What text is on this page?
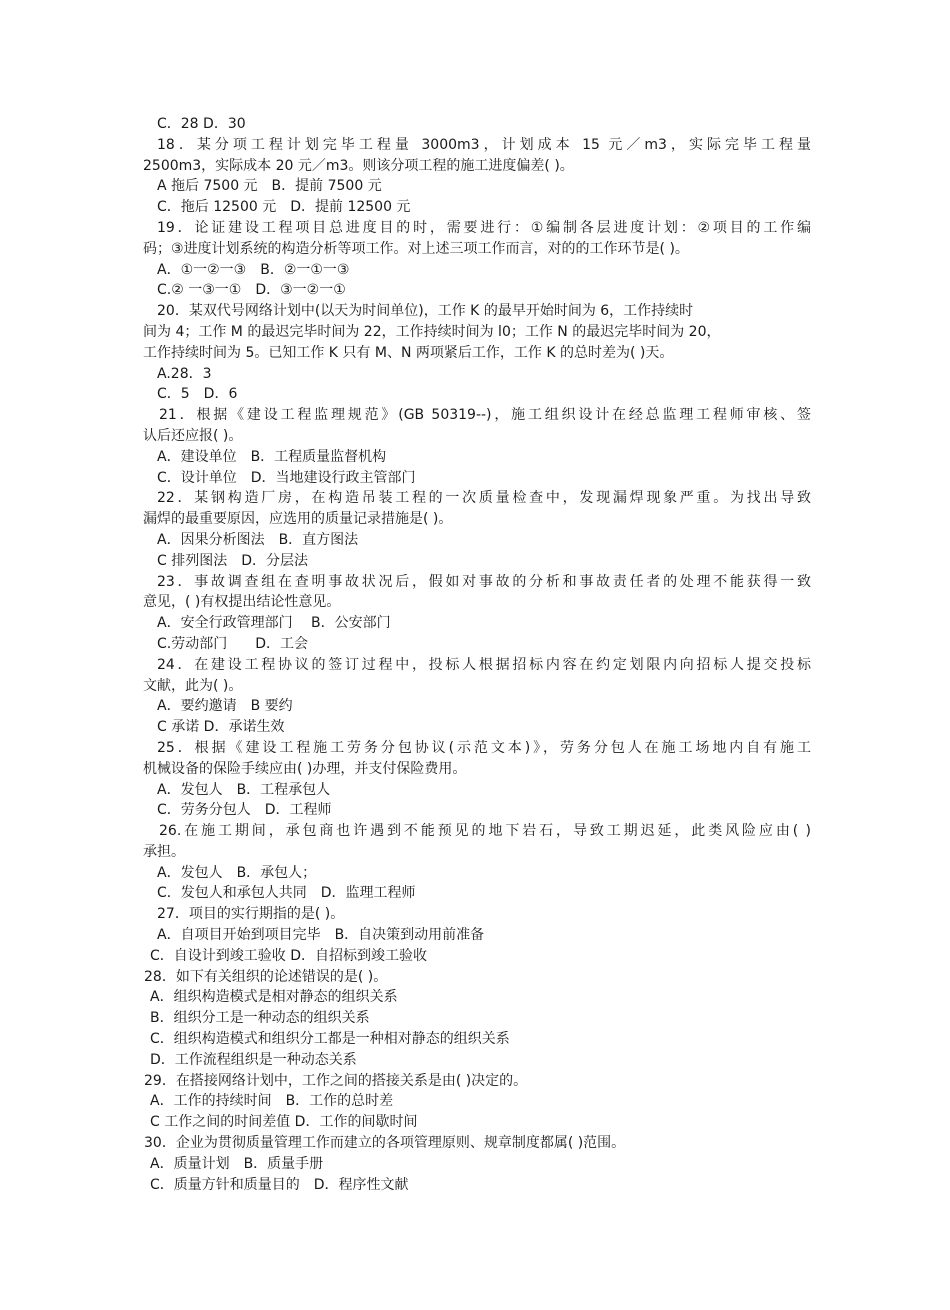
C．28 D．30
18．某分项工程计划完毕工程量 3000m3，计划成本 15 元／m3，实际完毕工程量
2500m3，实际成本 20 元／m3。则该分项工程的施工进度偏差( )。
A 拖后 7500 元　B．提前 7500 元
C．拖后 12500 元　D．提前 12500 元
19．论证建设工程项目总进度目的时，需要进行：①编制各层进度计划：②项目的工作编
码；③进度计划系统的构造分析等项工作。对上述三项工作而言，对的的工作环节是( )。
A．①一②一③　B．②一①一③
C.② 一③一①　D．③一②一①
20．某双代号网络计划中(以天为时间单位)，工作 K 的最早开始时间为 6，工作持续时
间为 4；工作 M 的最迟完毕时间为 22，工作持续时间为 l0；工作 N 的最迟完毕时间为 20，
工作持续时间为 5。已知工作 K 只有 M、N 两项紧后工作，工作 K 的总时差为( )天。
A.28．3
C．5　D．6
21．根据《建设工程监理规范》(GB 50319--)，施工组织设计在经总监理工程师审核、签
认后还应报( )。
A．建设单位　B．工程质量监督机构
C．设计单位　D．当地建设行政主管部门
22．某钢构造厂房，在构造吊装工程的一次质量检查中，发现漏焊现象严重。为找出导致
漏焊的最重要原因，应选用的质量记录措施是( )。
A．因果分析图法　B．直方图法
C 排列图法　D．分层法
23．事故调查组在查明事故状况后，假如对事故的分析和事故责任者的处理不能获得一致
意见，( )有权提出结论性意见。
A．安全行政管理部门　 B．公安部门
C.劳动部门　　D．工会
24．在建设工程协议的签订过程中，投标人根据招标内容在约定划限内向招标人提交投标
文献，此为( )。
A．要约邀请　B 要约
C 承诺 D．承诺生效
25．根据《建设工程施工劳务分包协议(示范文本)》，劳务分包人在施工场地内自有施工
机械设备的保险手续应由( )办理，并支付保险费用。
A．发包人　B．工程承包人
C．劳务分包人　D．工程师
26.在施工期间，承包商也许遇到不能预见的地下岩石，导致工期迟延，此类风险应由( )
承担。
A．发包人　B．承包人；
C．发包人和承包人共同　D．监理工程师
27．项目的实行期指的是( )。
A．自项目开始到项目完毕　B．自决策到动用前准备
C．自设计到竣工验收 D．自招标到竣工验收
28．如下有关组织的论述错误的是( )。
A．组织构造模式是相对静态的组织关系
B．组织分工是一种动态的组织关系
C．组织构造模式和组织分工都是一种相对静态的组织关系
D．工作流程组织是一种动态关系
29．在搭接网络计划中，工作之间的搭接关系是由( )决定的。
A．工作的持续时间　B．工作的总时差
C 工作之间的时间差值 D．工作的间歇时间
30．企业为贯彻质量管理工作而建立的各项管理原则、规章制度都属( )范围。
A．质量计划　B．质量手册
C．质量方针和质量目的　D．程序性文献
